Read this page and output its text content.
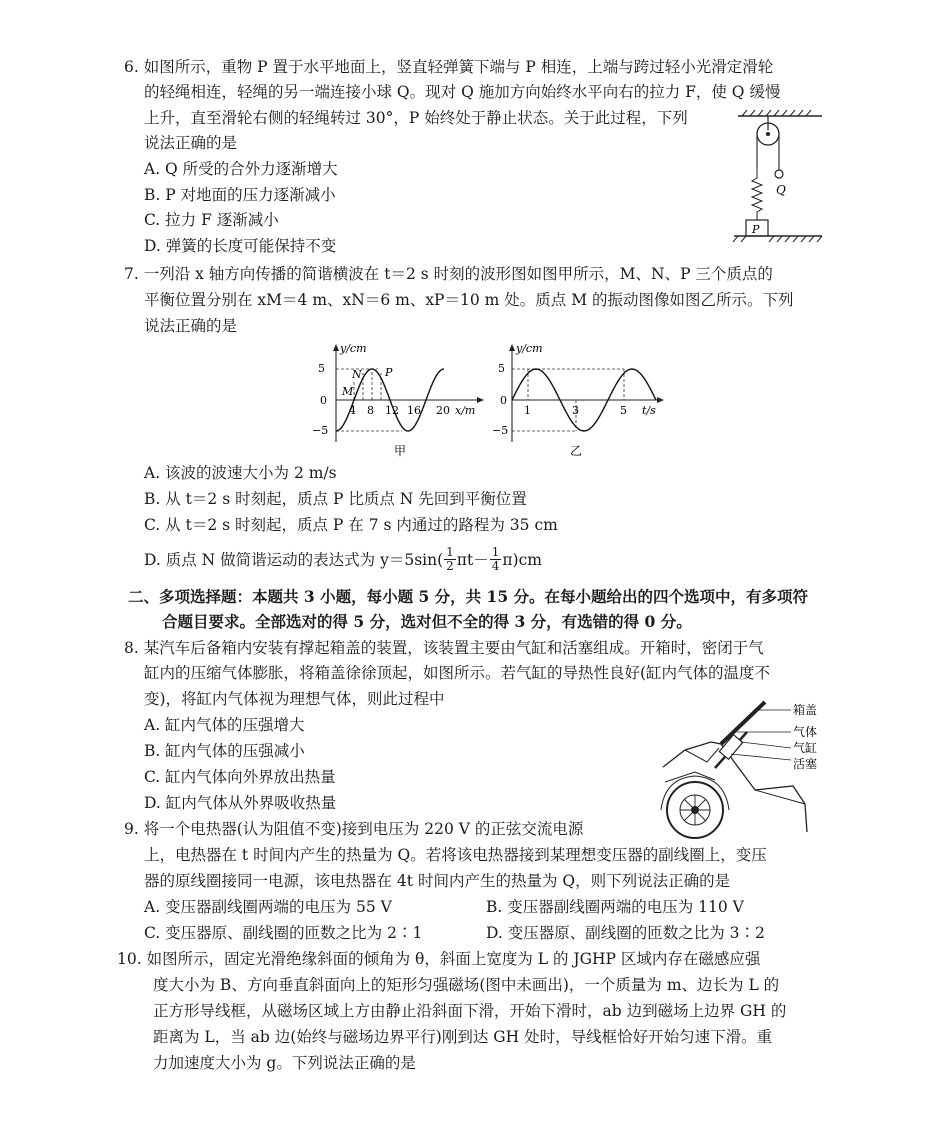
6. 如图所示，重物 P 置于水平地面上，竖直轻弹簧下端与 P 相连，上端与跨过轻小光滑定滑轮
的轻绳相连，轻绳的另一端连接小球 Q。现对 Q 施加方向始终水平向右的拉力 F，使 Q 缓慢
上升，直至滑轮右侧的轻绳转过 30°，P 始终处于静止状态。关于此过程，下列
说法正确的是
A. Q 所受的合外力逐渐增大
B. P 对地面的压力逐渐减小
C. 拉力 F 逐渐减小
D. 弹簧的长度可能保持不变
Q
P
7. 一列沿 x 轴方向传播的简谐横波在 t＝2 s 时刻的波形图如图甲所示，M、N、P 三个质点的
平衡位置分别在 xM＝4 m、xN＝6 m、xP＝10 m 处。质点 M 的振动图像如图乙所示。下列
说法正确的是
y/cm
x/m
5
0
−5
4 8 12 16 20
M
N P
甲
y/cm
t/s
5
0
−5
1	3	5
乙
A. 该波的波速大小为 2 m/s
B. 从 t＝2 s 时刻起，质点 P 比质点 N 先回到平衡位置
C. 从 t＝2 s 时刻起，质点 P 在 7 s 内通过的路程为 35 cm
D. 质点 N 做简谐运动的表达式为 $y=5\sin( \frac{1}{2} \pi t- \frac{1}{4} \pi)cm$
二、多项选择题：本题共 3 小题，每小题 5 分，共 15 分。在每小题给出的四个选项中，有多项符
合题目要求。全部选对的得 5 分，选对但不全的得 3 分，有选错的得 0 分。
8. 某汽车后备箱内安装有撑起箱盖的装置，该装置主要由气缸和活塞组成。开箱时，密闭于气
缸内的压缩气体膨胀，将箱盖徐徐顶起，如图所示。若气缸的导热性良好(缸内气体的温度不
变)，将缸内气体视为理想气体，则此过程中
A. 缸内气体的压强增大
B. 缸内气体的压强减小
C. 缸内气体向外界放出热量
D. 缸内气体从外界吸收热量
箱盖
气体
气缸
活塞
9. 将一个电热器(认为阻值不变)接到电压为 220 V 的正弦交流电源
上，电热器在 t 时间内产生的热量为 Q。若将该电热器接到某理想变压器的副线圈上，变压
器的原线圈接同一电源，该电热器在 4t 时间内产生的热量为 Q，则下列说法正确的是
A. 变压器副线圈两端的电压为 55 V	B. 变压器副线圈两端的电压为 110 V
C. 变压器原、副线圈的匝数之比为 2∶1	D. 变压器原、副线圈的匝数之比为 3∶2
10. 如图所示，固定光滑绝缘斜面的倾角为 θ，斜面上宽度为 L 的 JGHP 区域内存在磁感应强
度大小为 B、方向垂直斜面向上的矩形匀强磁场(图中未画出)，一个质量为 m、边长为 L 的
正方形导线框，从磁场区域上方由静止沿斜面下滑，开始下滑时，ab 边到磁场上边界 GH 的
距离为 L，当 ab 边(始终与磁场边界平行)刚到达 GH 处时，导线框恰好开始匀速下滑。重
力加速度大小为 g。下列说法正确的是
